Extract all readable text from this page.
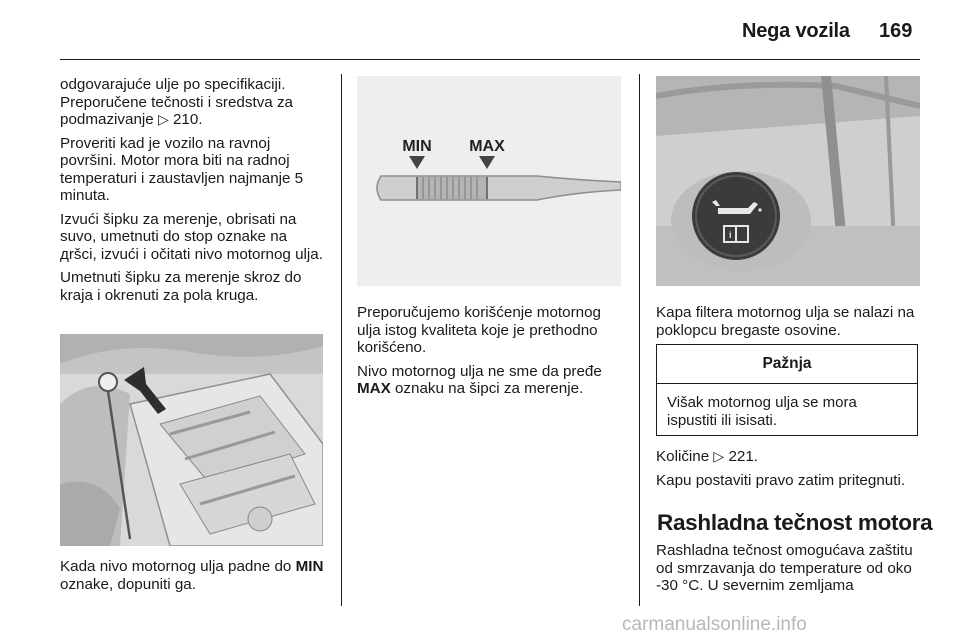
Nega vozila 169

odgovarajuće ulje po specifikaciji. Preporučene tečnosti i sredstva za podmazivanje ▷ 210.

Proveriti kad je vozilo na ravnoj površini. Motor mora biti na radnoj temperaturi i zaustavljen najmanje 5 minuta.

Izvući šipku za merenje, obrisati na suvo, umetnuti do stop oznake na дršci, izvući i očitati nivo motornog ulja.

Umetnuti šipku za merenje skroz do kraja i okrenuti za pola kruga.

Kada nivo motornog ulja padne do MIN oznake, dopuniti ga.

MIN MAX

Preporučujemo korišćenje motornog ulja istog kvaliteta koje je prethodno korišćeno.

Nivo motornog ulja ne sme da pređe MAX oznaku na šipci za merenje.

i

Kapa filtera motornog ulja se nalazi na poklopcu bregaste osovine.

Pažnja
Višak motornog ulja se mora ispustiti ili isisati.

Količine ▷ 221.

Kapu postaviti pravo zatim pritegnuti.

Rashladna tečnost motora

Rashladna tečnost omogućava zaštitu od smrzavanja do temperature od oko -30 °C. U severnim zemljama

carmanualsonline.info
